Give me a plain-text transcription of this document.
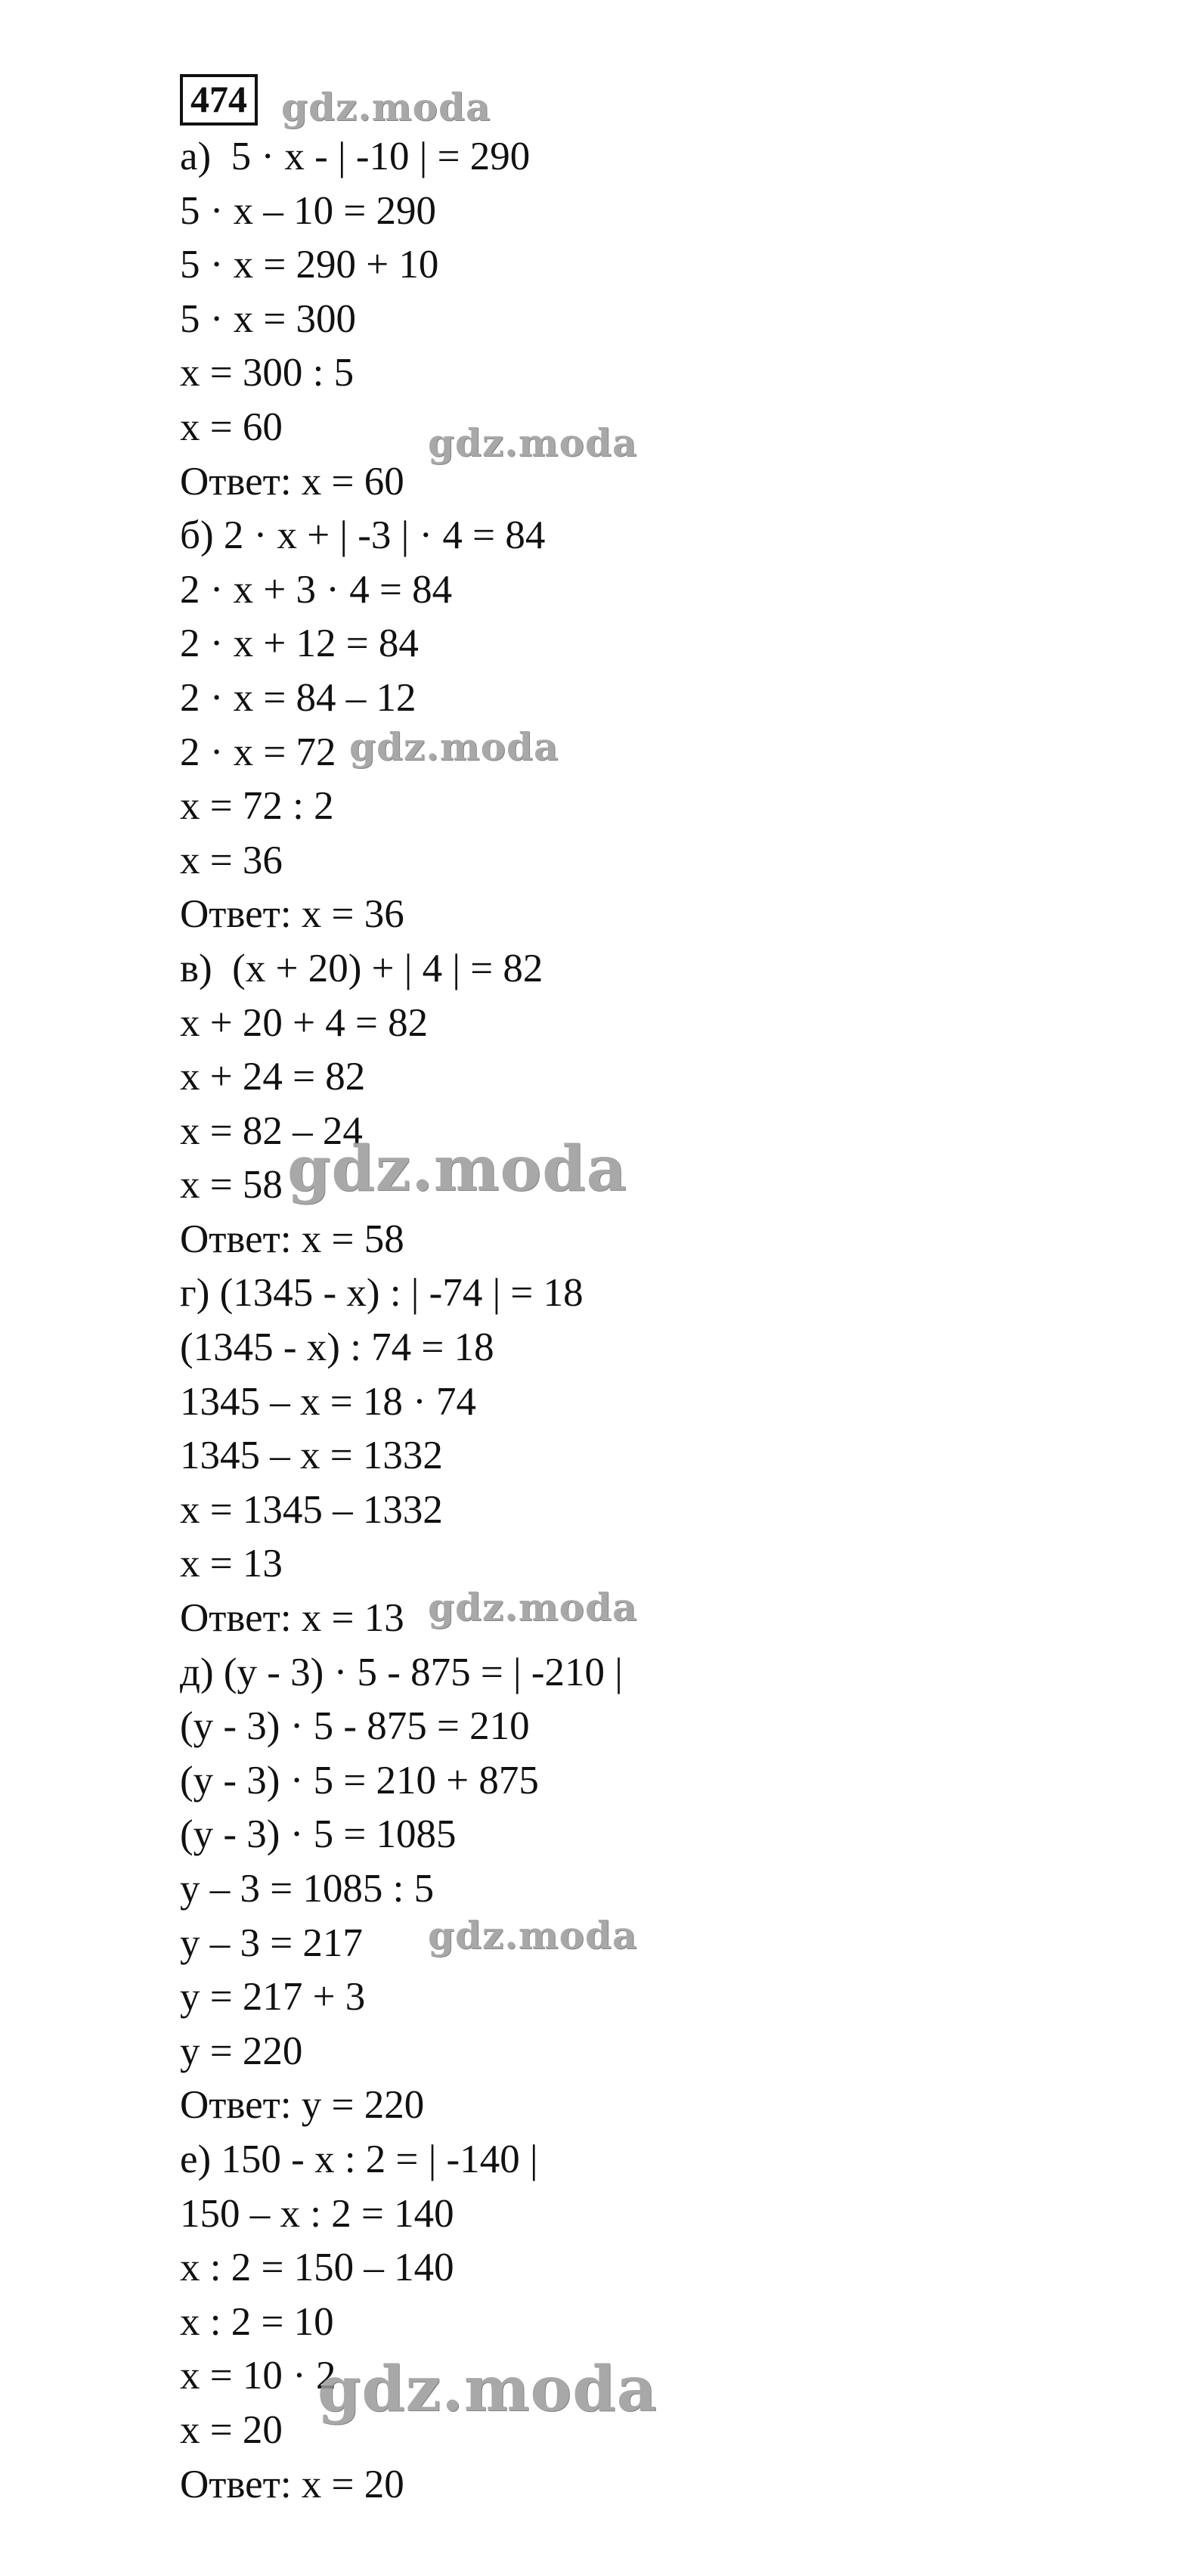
474
а)  5 · x - | -10 | = 290
5 · x – 10 = 290
5 · x = 290 + 10
5 · x = 300
x = 300 : 5
x = 60
Ответ: x = 60
б) 2 · x + | -3 | · 4 = 84
2 · x + 3 · 4 = 84
2 · x + 12 = 84
2 · x = 84 – 12
2 · x = 72
x = 72 : 2
x = 36
Ответ: x = 36
в)  (x + 20) + | 4 | = 82
x + 20 + 4 = 82
x + 24 = 82
x = 82 – 24
x = 58
Ответ: x = 58
г) (1345 - x) : | -74 | = 18
(1345 - x) : 74 = 18
1345 – x = 18 · 74
1345 – x = 1332
x = 1345 – 1332
x = 13
Ответ: x = 13
д) (y - 3) · 5 - 875 = | -210 |
(y - 3) · 5 - 875 = 210
(y - 3) · 5 = 210 + 875
(y - 3) · 5 = 1085
y – 3 = 1085 : 5
y – 3 = 217
y = 217 + 3
y = 220
Ответ: y = 220
е) 150 - x : 2 = | -140 |
150 – x : 2 = 140
x : 2 = 150 – 140
x : 2 = 10
x = 10 · 2
x = 20
Ответ: x = 20
gdz.moda
gdz.moda
gdz.moda
gdz.moda
gdz.moda
gdz.moda
gdz.moda
